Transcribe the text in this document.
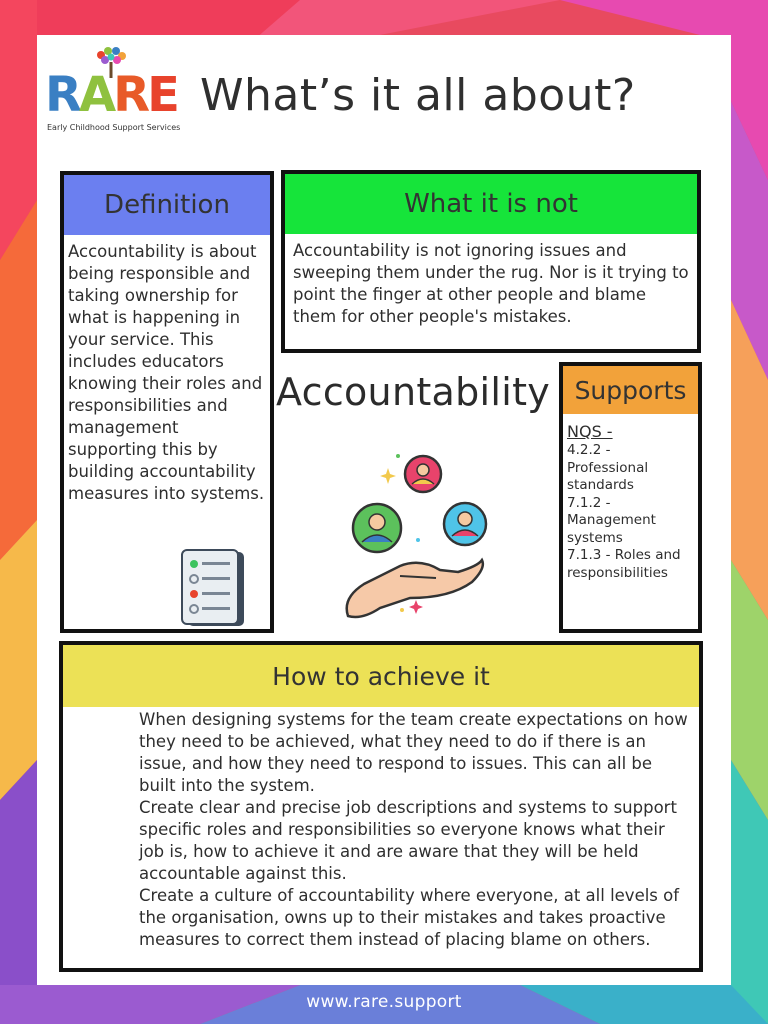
RARE
Early Childhood Support Services
What’s it all about?
Definition
Accountability is about being responsible and taking ownership for what is happening in your service. This includes educators knowing their roles and responsibilities and management supporting this by building accountability measures into systems.
What it is not
Accountability is not ignoring issues and sweeping them under the rug. Nor is it trying to point the finger at other people and blame them for other people's mistakes.
Accountability Supports
NQS -
4.2.2 - Professional standards
7.1.2 - Management systems
7.1.3 - Roles and responsibilities
How to achieve it

When designing systems for the team create expectations on how they need to be achieved, what they need to do if there is an issue, and how they need to respond to issues. This can all be built into the system.

Create clear and precise job descriptions and systems to support specific roles and responsibilities so everyone knows what their job is, how to achieve it and are aware that they will be held accountable against this.

Create a culture of accountability where everyone, at all levels of the organisation, owns up to their mistakes and takes proactive measures to correct them instead of placing blame on others.

www.rare.support
